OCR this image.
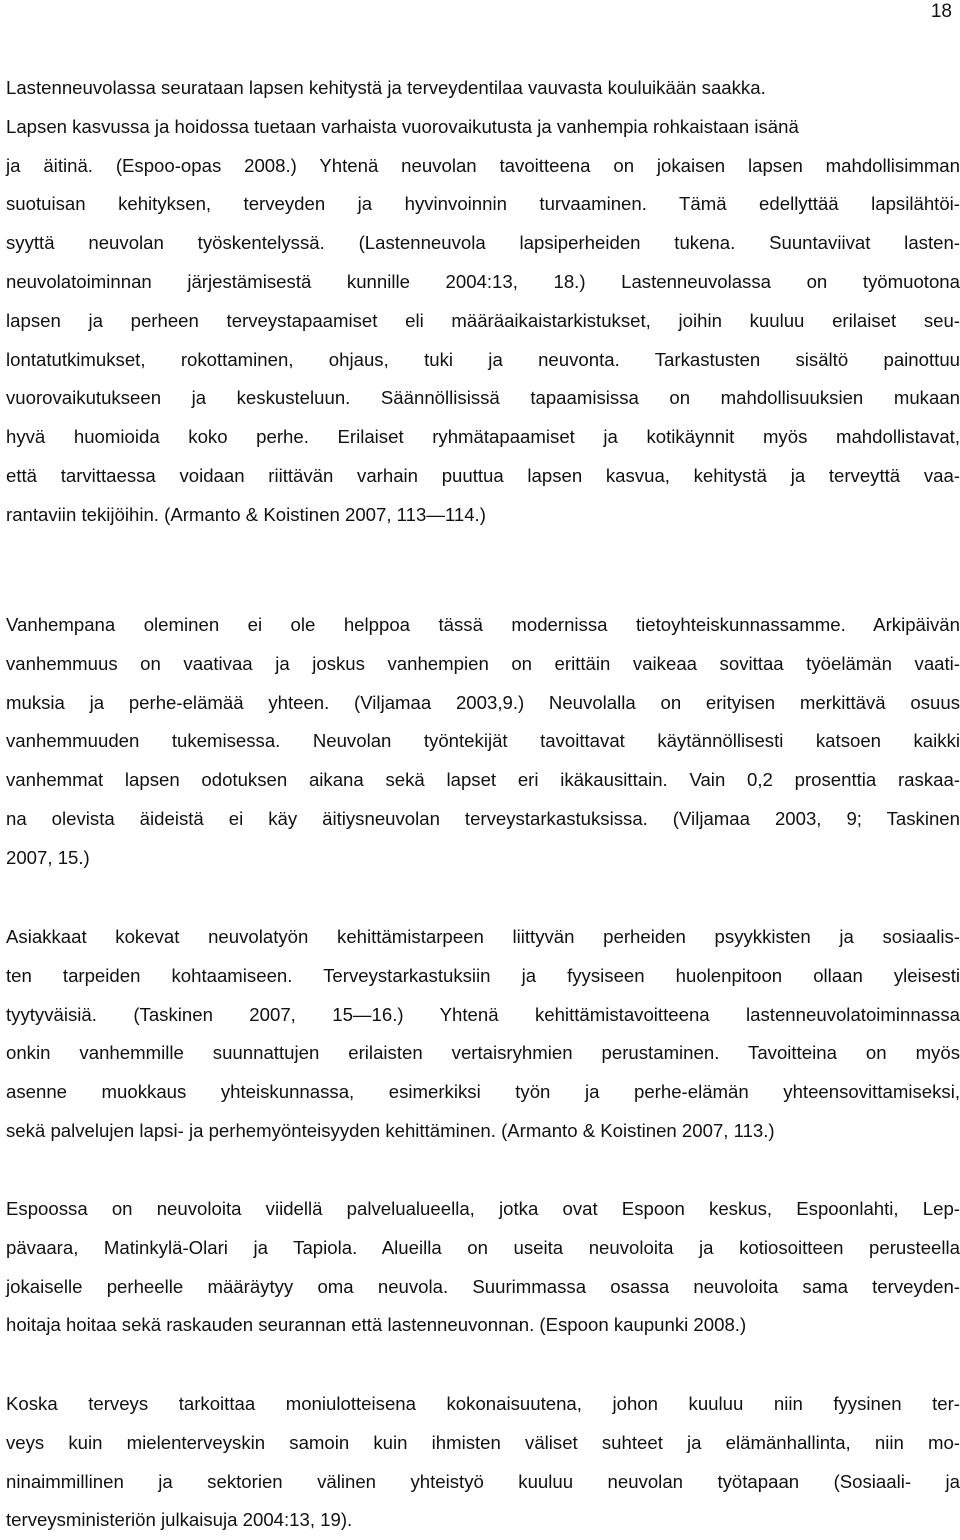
18
Lastenneuvolassa seurataan lapsen kehitystä ja terveydentilaa vauvasta kouluikään saakka.
Lapsen kasvussa ja hoidossa tuetaan varhaista vuorovaikutusta ja vanhempia rohkaistaan isänä
ja äitinä. (Espoo-opas 2008.) Yhtenä neuvolan tavoitteena on jokaisen lapsen mahdollisimman
suotuisan kehityksen, terveyden ja hyvinvoinnin turvaaminen. Tämä edellyttää lapsilähtöi-
syyttä neuvolan työskentelyssä. (Lastenneuvola lapsiperheiden tukena. Suuntaviivat lasten-
neuvolatoiminnan järjestämisestä kunnille 2004:13, 18.) Lastenneuvolassa on työmuotona
lapsen ja perheen terveystapaamiset eli määräaikaistarkistukset, joihin kuuluu erilaiset seu-
lontatutkimukset, rokottaminen, ohjaus, tuki ja neuvonta. Tarkastusten sisältö painottuu
vuorovaikutukseen ja keskusteluun. Säännöllisissä tapaamisissa on mahdollisuuksien mukaan
hyvä huomioida koko perhe. Erilaiset ryhmätapaamiset ja kotikäynnit myös mahdollistavat,
että tarvittaessa voidaan riittävän varhain puuttua lapsen kasvua, kehitystä ja terveyttä vaa-
rantaviin tekijöihin. (Armanto & Koistinen 2007, 113—114.)
Vanhempana oleminen ei ole helppoa tässä modernissa tietoyhteiskunnassamme. Arkipäivän
vanhemmuus on vaativaa ja joskus vanhempien on erittäin vaikeaa sovittaa työelämän vaati-
muksia ja perhe-elämää yhteen. (Viljamaa 2003,9.) Neuvolalla on erityisen merkittävä osuus
vanhemmuuden tukemisessa. Neuvolan työntekijät tavoittavat käytännöllisesti katsoen kaikki
vanhemmat lapsen odotuksen aikana sekä lapset eri ikäkausittain. Vain 0,2 prosenttia raskaa-
na olevista äideistä ei käy äitiysneuvolan terveystarkastuksissa. (Viljamaa 2003, 9; Taskinen
2007, 15.)
Asiakkaat kokevat neuvolatyön kehittämistarpeen liittyvän perheiden psyykkisten ja sosiaalis-
ten tarpeiden kohtaamiseen. Terveystarkastuksiin ja fyysiseen huolenpitoon ollaan yleisesti
tyytyväisiä. (Taskinen 2007, 15—16.) Yhtenä kehittämistavoitteena lastenneuvolatoiminnassa
onkin vanhemmille suunnattujen erilaisten vertaisryhmien perustaminen. Tavoitteina on myös
asenne muokkaus yhteiskunnassa, esimerkiksi työn ja perhe-elämän yhteensovittamiseksi,
sekä palvelujen lapsi- ja perhemyönteisyyden kehittäminen. (Armanto & Koistinen 2007, 113.)
Espoossa on neuvoloita viidellä palvelualueella, jotka ovat Espoon keskus, Espoonlahti, Lep-
pävaara, Matinkylä-Olari ja Tapiola. Alueilla on useita neuvoloita ja kotiosoitteen perusteella
jokaiselle perheelle määräytyy oma neuvola. Suurimmassa osassa neuvoloita sama terveyden-
hoitaja hoitaa sekä raskauden seurannan että lastenneuvonnan. (Espoon kaupunki 2008.)
Koska terveys tarkoittaa moniulotteisena kokonaisuutena, johon kuuluu niin fyysinen ter-
veys kuin mielenterveyskin samoin kuin ihmisten väliset suhteet ja elämänhallinta, niin mo-
ninaimmillinen ja sektorien välinen yhteistyö kuuluu neuvolan työtapaan (Sosiaali- ja
terveysministeriön julkaisuja 2004:13, 19).
